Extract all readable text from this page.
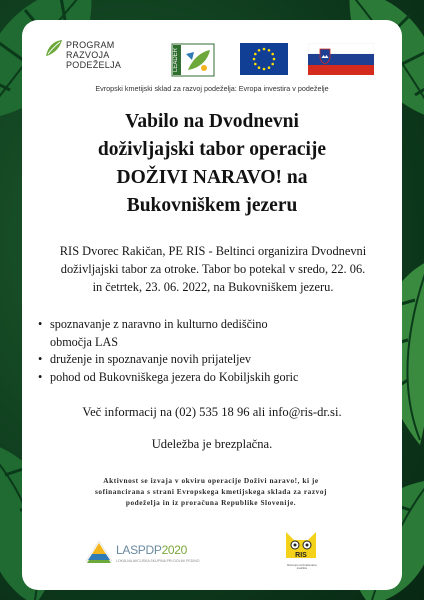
PROGRAM
RAZVOJA
PODEŽELJA	LEADER
Evropski kmetijski sklad za razvoj podeželja: Evropa investira v podeželje
Vabilo na Dvodnevni
doživljajski tabor operacije
DOŽIVI NARAVO! na
Bukovniškem jezeru
RIS Dvorec Rakičan, PE RIS - Beltinci organizira Dvodnevni
doživljajski tabor za otroke. Tabor bo potekal v sredo, 22. 06.
in četrtek, 23. 06. 2022, na Bukovniškem jezeru.
• spoznavanje z naravno in kulturno dediščino
območja LAS
• druženje in spoznavanje novih prijateljev
• pohod od Bukovniškega jezera do Kobiljskih goric
Več informacij na (02) 535 18 96 ali info@ris-dr.si.
Udeležba je brezplačna.
Aktivnost se izvaja v okviru operacije Doživi naravo!, ki je
sofinancirana s strani Evropskega kmetijskega sklada za razvoj
podeželja in iz proračuna Republike Slovenije.
LASPDP2020
LOKALNA AKCIJSKA SKUPINA PRI DOLINI PEDINO
RIS
Razvojno-izobraževalno središče
